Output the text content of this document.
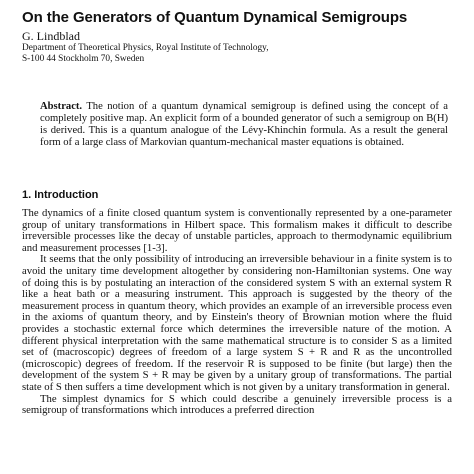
On the Generators of Quantum Dynamical Semigroups
G. Lindblad
Department of Theoretical Physics, Royal Institute of Technology,
S-100 44 Stockholm 70, Sweden
Abstract. The notion of a quantum dynamical semigroup is defined using the concept of a completely positive map. An explicit form of a bounded generator of such a semigroup on B(H) is derived. This is a quantum analogue of the Lévy-Khinchin formula. As a result the general form of a large class of Markovian quantum-mechanical master equations is obtained.
1. Introduction

The dynamics of a finite closed quantum system is conventionally represented by a one-parameter group of unitary transformations in Hilbert space. This formalism makes it difficult to describe irreversible processes like the decay of unstable particles, approach to thermodynamic equilibrium and measurement processes [1-3].

It seems that the only possibility of introducing an irreversible behaviour in a finite system is to avoid the unitary time development altogether by considering non-Hamiltonian systems. One way of doing this is by postulating an interaction of the considered system S with an external system R like a heat bath or a measuring instrument. This approach is suggested by the theory of the measurement process in quantum theory, which provides an example of an irreversible process even in the axioms of quantum theory, and by Einstein's theory of Brownian motion where the fluid provides a stochastic external force which determines the irreversible nature of the motion. A different physical interpretation with the same mathematical structure is to consider S as a limited set of (macroscopic) degrees of freedom of a large system S + R and R as the uncontrolled (microscopic) degrees of freedom. If the reservoir R is supposed to be finite (but large) then the development of the system S + R may be given by a unitary group of transformations. The partial state of S then suffers a time development which is not given by a unitary transformation in general.

The simplest dynamics for S which could describe a genuinely irreversible process is a semigroup of transformations which introduces a preferred direction
